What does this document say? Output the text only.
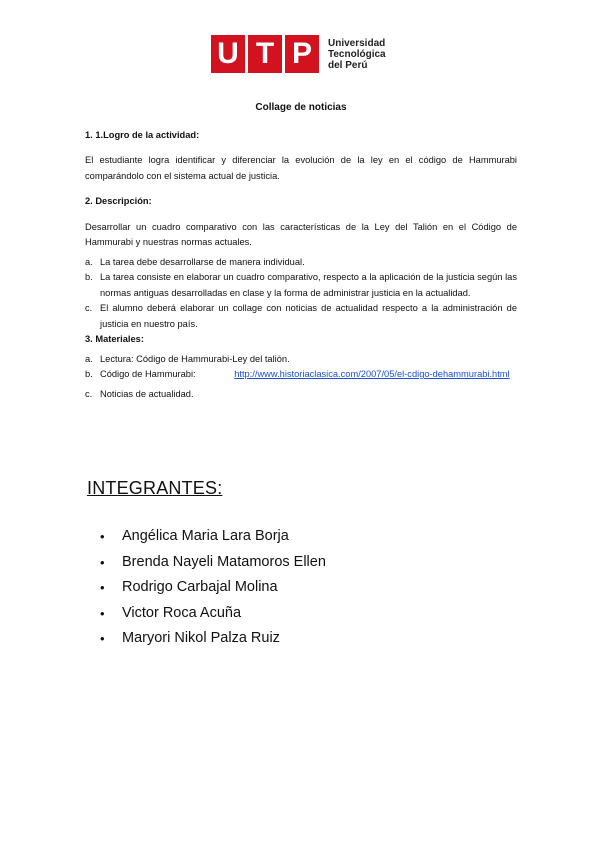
U T P	Universidad
Tecnológica
del Perú
Collage de noticias

1. 1.Logro de la actividad:

El estudiante logra identificar y diferenciar la evolución de la ley en el código de Hammurabi comparándolo con el sistema actual de justicia.

2. Descripción:

Desarrollar un cuadro comparativo con las características de la Ley del Talión en el Código de Hammurabi y nuestras normas actuales.

a. La tarea debe desarrollarse de manera individual.
b. La tarea consiste en elaborar un cuadro comparativo, respecto a la aplicación de la justicia según las normas antiguas desarrolladas en clase y la forma de administrar justicia en la actualidad.
c. El alumno deberá elaborar un collage con noticias de actualidad respecto a la administración de justicia en nuestro país.

3. Materiales:

a. Lectura: Código de Hammurabi-Ley del talión.
b. Código de Hammurabi:	http://www.historiaclasica.com/2007/05/el-cdigo-dehammurabi.html
c. Noticias de actualidad.
INTEGRANTES:
• Angélica Maria Lara Borja
• Brenda Nayeli Matamoros Ellen
• Rodrigo Carbajal Molina
• Victor Roca Acuña
• Maryori Nikol Palza Ruiz
